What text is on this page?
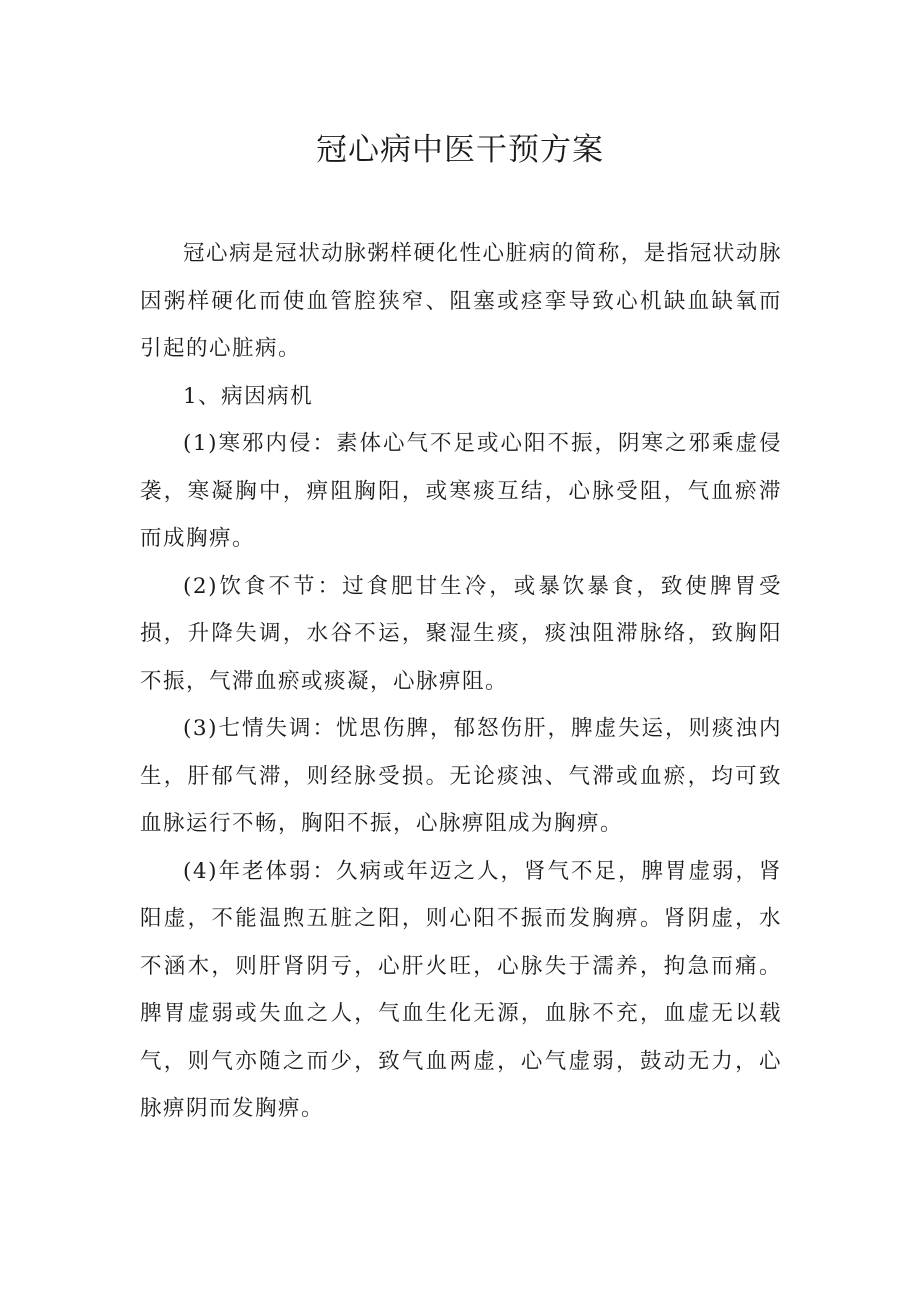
冠心病中医干预方案

冠心病是冠状动脉粥样硬化性心脏病的简称，是指冠状动脉因粥样硬化而使血管腔狭窄、阻塞或痉挛导致心机缺血缺氧而引起的心脏病。

1、病因病机

(1)寒邪内侵：素体心气不足或心阳不振，阴寒之邪乘虚侵袭，寒凝胸中，痹阻胸阳，或寒痰互结，心脉受阻，气血瘀滞而成胸痹。

(2)饮食不节：过食肥甘生冷，或暴饮暴食，致使脾胃受损，升降失调，水谷不运，聚湿生痰，痰浊阻滞脉络，致胸阳不振，气滞血瘀或痰凝，心脉痹阻。

(3)七情失调：忧思伤脾，郁怒伤肝，脾虚失运，则痰浊内生，肝郁气滞，则经脉受损。无论痰浊、气滞或血瘀，均可致血脉运行不畅，胸阳不振，心脉痹阻成为胸痹。

(4)年老体弱：久病或年迈之人，肾气不足，脾胃虚弱，肾阳虚，不能温煦五脏之阳，则心阳不振而发胸痹。肾阴虚，水不涵木，则肝肾阴亏，心肝火旺，心脉失于濡养，拘急而痛。脾胃虚弱或失血之人，气血生化无源，血脉不充，血虚无以载气，则气亦随之而少，致气血两虚，心气虚弱，鼓动无力，心脉痹阴而发胸痹。
